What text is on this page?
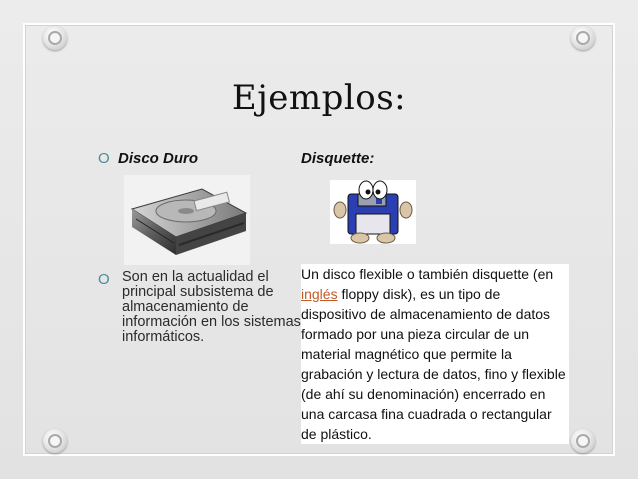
Ejemplos:
O Disco Duro	Disquette:
O Son en la actualidad el principal subsistema de almacenamiento de información en los sistemas informáticos.
Un disco flexible o también disquette (en inglés floppy disk), es un tipo de dispositivo de almacenamiento de datos formado por una pieza circular de un material magnético que permite la grabación y lectura de datos, fino y flexible (de ahí su denominación) encerrado en una carcasa fina cuadrada o rectangular de plástico.
